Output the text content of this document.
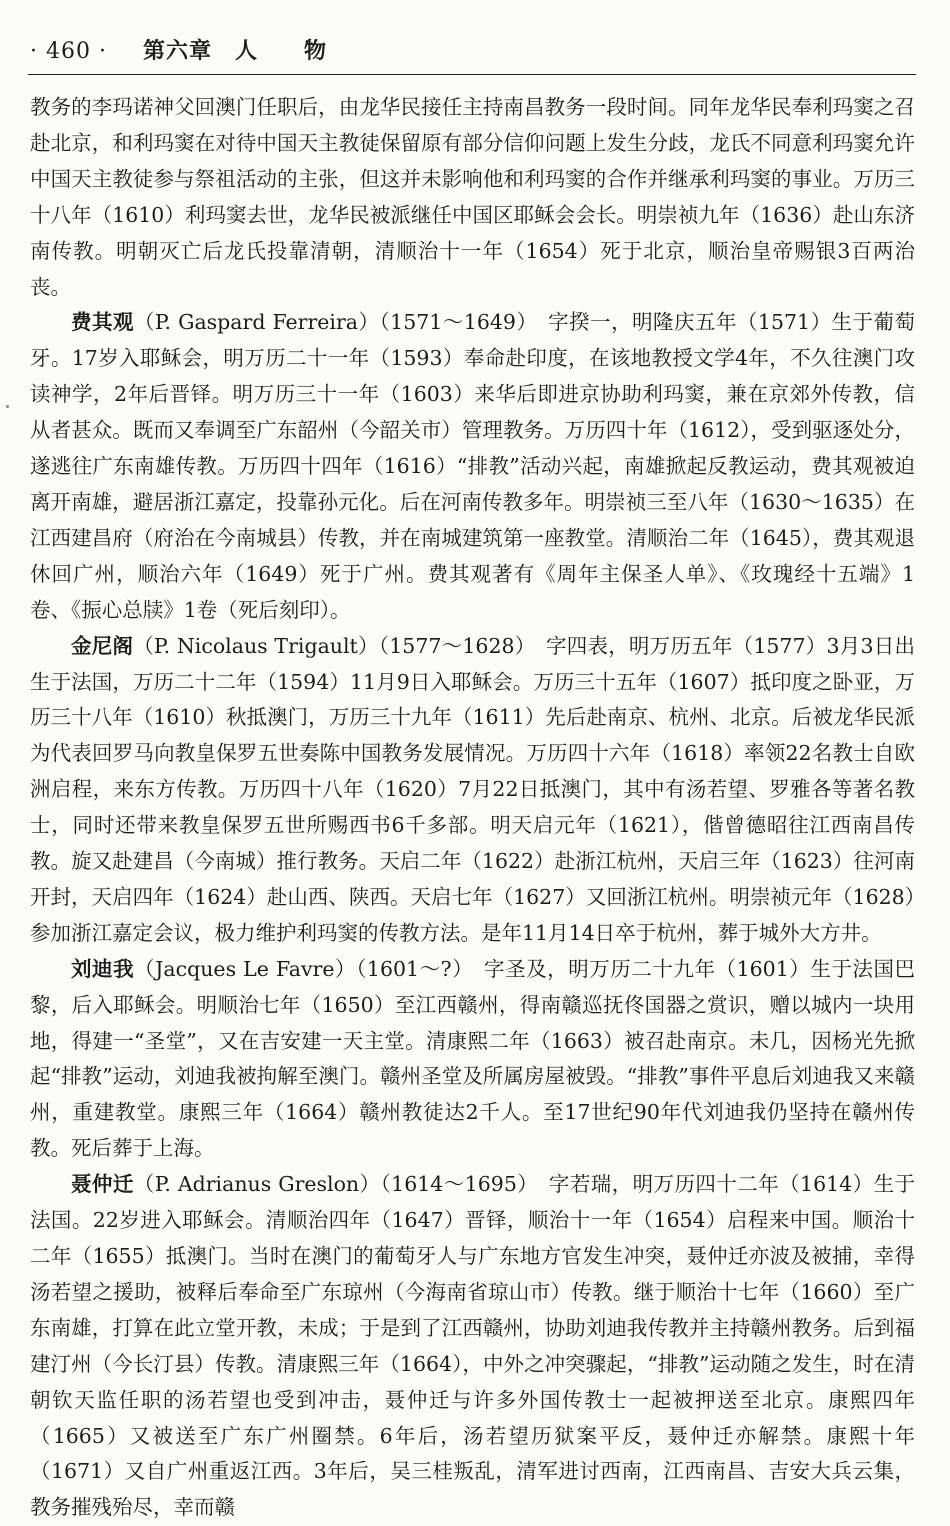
· 460 · 第六章　人　　物

教务的李玛诺神父回澳门任职后，由龙华民接任主持南昌教务一段时间。同年龙华民奉利玛窦之召赴北京，和利玛窦在对待中国天主教徒保留原有部分信仰问题上发生分歧，龙氏不同意利玛窦允许中国天主教徒参与祭祖活动的主张，但这并未影响他和利玛窦的合作并继承利玛窦的事业。万历三十八年（1610）利玛窦去世，龙华民被派继任中国区耶稣会会长。明崇祯九年（1636）赴山东济南传教。明朝灭亡后龙氏投靠清朝，清顺治十一年（1654）死于北京，顺治皇帝赐银3百两治丧。

费其观（P. Gaspard Ferreira）（1571～1649）　字揆一，明隆庆五年（1571）生于葡萄牙。17岁入耶稣会，明万历二十一年（1593）奉命赴印度，在该地教授文学4年，不久往澳门攻读神学，2年后晋铎。明万历三十一年（1603）来华后即进京协助利玛窦，兼在京郊外传教，信从者甚众。既而又奉调至广东韶州（今韶关市）管理教务。万历四十年（1612），受到驱逐处分，遂逃往广东南雄传教。万历四十四年（1616）“排教”活动兴起，南雄掀起反教运动，费其观被迫离开南雄，避居浙江嘉定，投靠孙元化。后在河南传教多年。明崇祯三至八年（1630～1635）在江西建昌府（府治在今南城县）传教，并在南城建筑第一座教堂。清顺治二年（1645），费其观退休回广州，顺治六年（1649）死于广州。费其观著有《周年主保圣人单》、《玫瑰经十五端》1卷、《振心总牍》1卷（死后刻印）。

金尼阁（P. Nicolaus Trigault）（1577～1628）　字四表，明万历五年（1577）3月3日出生于法国，万历二十二年（1594）11月9日入耶稣会。万历三十五年（1607）抵印度之卧亚，万历三十八年（1610）秋抵澳门，万历三十九年（1611）先后赴南京、杭州、北京。后被龙华民派为代表回罗马向教皇保罗五世奏陈中国教务发展情况。万历四十六年（1618）率领22名教士自欧洲启程，来东方传教。万历四十八年（1620）7月22日抵澳门，其中有汤若望、罗雅各等著名教士，同时还带来教皇保罗五世所赐西书6千多部。明天启元年（1621），偕曾德昭往江西南昌传教。旋又赴建昌（今南城）推行教务。天启二年（1622）赴浙江杭州，天启三年（1623）往河南开封，天启四年（1624）赴山西、陕西。天启七年（1627）又回浙江杭州。明崇祯元年（1628）参加浙江嘉定会议，极力维护利玛窦的传教方法。是年11月14日卒于杭州，葬于城外大方井。

刘迪我（Jacques Le Favre）（1601～?）　字圣及，明万历二十九年（1601）生于法国巴黎，后入耶稣会。明顺治七年（1650）至江西赣州，得南赣巡抚佟国器之赏识，赠以城内一块用地，得建一“圣堂”，又在吉安建一天主堂。清康熙二年（1663）被召赴南京。未几，因杨光先掀起“排教”运动，刘迪我被拘解至澳门。赣州圣堂及所属房屋被毁。“排教”事件平息后刘迪我又来赣州，重建教堂。康熙三年（1664）赣州教徒达2千人。至17世纪90年代刘迪我仍坚持在赣州传教。死后葬于上海。

聂仲迁（P. Adrianus Greslon）（1614～1695）　字若瑞，明万历四十二年（1614）生于法国。22岁进入耶稣会。清顺治四年（1647）晋铎，顺治十一年（1654）启程来中国。顺治十二年（1655）抵澳门。当时在澳门的葡萄牙人与广东地方官发生冲突，聂仲迁亦波及被捕，幸得汤若望之援助，被释后奉命至广东琼州（今海南省琼山市）传教。继于顺治十七年（1660）至广东南雄，打算在此立堂开教，未成；于是到了江西赣州，协助刘迪我传教并主持赣州教务。后到福建汀州（今长汀县）传教。清康熙三年（1664），中外之冲突骤起，“排教”运动随之发生，时在清朝钦天监任职的汤若望也受到冲击，聂仲迁与许多外国传教士一起被押送至北京。康熙四年（1665）又被送至广东广州圈禁。6年后，汤若望历狱案平反，聂仲迁亦解禁。康熙十年（1671）又自广州重返江西。3年后，吴三桂叛乱，清军进讨西南，江西南昌、吉安大兵云集，教务摧残殆尽，幸而赣
